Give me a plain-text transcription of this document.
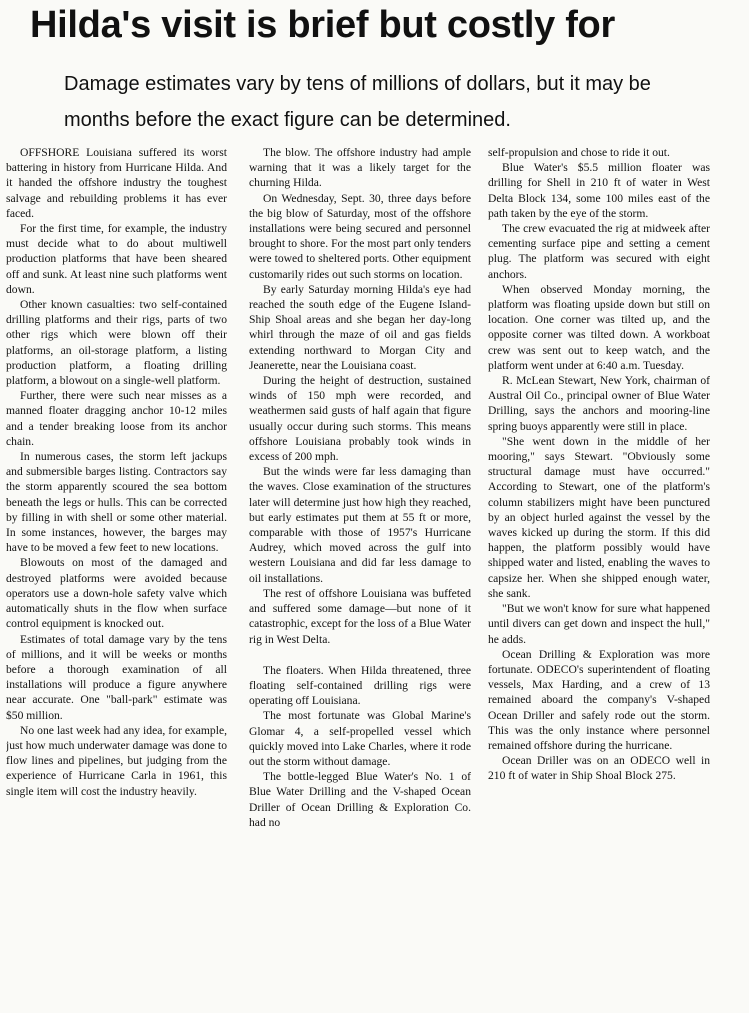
Hilda's visit is brief but costly for
Damage estimates vary by tens of millions of dollars, but it may be months before the exact figure can be determined.

OFFSHORE Louisiana suffered its worst battering in history from Hurricane Hilda. And it handed the offshore industry the toughest salvage and rebuilding problems it has ever faced.

For the first time, for example, the industry must decide what to do about multiwell production platforms that have been sheared off and sunk. At least nine such platforms went down.

Other known casualties: two self-contained drilling platforms and their rigs, parts of two other rigs which were blown off their platforms, an oil-storage platform, a listing production platform, a floating drilling platform, a blowout on a single-well platform.

Further, there were such near misses as a manned floater dragging anchor 10-12 miles and a tender breaking loose from its anchor chain.

In numerous cases, the storm left jackups and submersible barges listing. Contractors say the storm apparently scoured the sea bottom beneath the legs or hulls. This can be corrected by filling in with shell or some other material. In some instances, however, the barges may have to be moved a few feet to new locations.

Blowouts on most of the damaged and destroyed platforms were avoided because operators use a down-hole safety valve which automatically shuts in the flow when surface control equipment is knocked out.

Estimates of total damage vary by the tens of millions, and it will be weeks or months before a thorough examination of all installations will produce a figure anywhere near accurate. One "ball-park" estimate was $50 million.

No one last week had any idea, for example, just how much underwater damage was done to flow lines and pipelines, but judging from the experience of Hurricane Carla in 1961, this single item will cost the industry heavily.

The blow. The offshore industry had ample warning that it was a likely target for the churning Hilda.

On Wednesday, Sept. 30, three days before the big blow of Saturday, most of the offshore installations were being secured and personnel brought to shore. For the most part only tenders were towed to sheltered ports. Other equipment customarily rides out such storms on location.

By early Saturday morning Hilda's eye had reached the south edge of the Eugene Island-Ship Shoal areas and she began her day-long whirl through the maze of oil and gas fields extending northward to Morgan City and Jeanerette, near the Louisiana coast.

During the height of destruction, sustained winds of 150 mph were recorded, and weathermen said gusts of half again that figure usually occur during such storms. This means offshore Louisiana probably took winds in excess of 200 mph.

But the winds were far less damaging than the waves. Close examination of the structures later will determine just how high they reached, but early estimates put them at 55 ft or more, comparable with those of 1957's Hurricane Audrey, which moved across the gulf into western Louisiana and did far less damage to oil installations.

The rest of offshore Louisiana was buffeted and suffered some damage—but none of it catastrophic, except for the loss of a Blue Water rig in West Delta.

The floaters. When Hilda threatened, three floating self-contained drilling rigs were operating off Louisiana.

The most fortunate was Global Marine's Glomar 4, a self-propelled vessel which quickly moved into Lake Charles, where it rode out the storm without damage.

The bottle-legged Blue Water's No. 1 of Blue Water Drilling and the V-shaped Ocean Driller of Ocean Drilling & Exploration Co. had no

self-propulsion and chose to ride it out.

Blue Water's $5.5 million floater was drilling for Shell in 210 ft of water in West Delta Block 134, some 100 miles east of the path taken by the eye of the storm.

The crew evacuated the rig at midweek after cementing surface pipe and setting a cement plug. The platform was secured with eight anchors.

When observed Monday morning, the platform was floating upside down but still on location. One corner was tilted up, and the opposite corner was tilted down. A workboat crew was sent out to keep watch, and the platform went under at 6:40 a.m. Tuesday.

R. McLean Stewart, New York, chairman of Austral Oil Co., principal owner of Blue Water Drilling, says the anchors and mooring-line spring buoys apparently were still in place.

"She went down in the middle of her mooring," says Stewart. "Obviously some structural damage must have occurred." According to Stewart, one of the platform's column stabilizers might have been punctured by an object hurled against the vessel by the waves kicked up during the storm. If this did happen, the platform possibly would have shipped water and listed, enabling the waves to capsize her. When she shipped enough water, she sank.

"But we won't know for sure what happened until divers can get down and inspect the hull," he adds.

Ocean Drilling & Exploration was more fortunate. ODECO's superintendent of floating vessels, Max Harding, and a crew of 13 remained aboard the company's V-shaped Ocean Driller and safely rode out the storm. This was the only instance where personnel remained offshore during the hurricane.

Ocean Driller was on an ODECO well in 210 ft of water in Ship Shoal Block 275.
